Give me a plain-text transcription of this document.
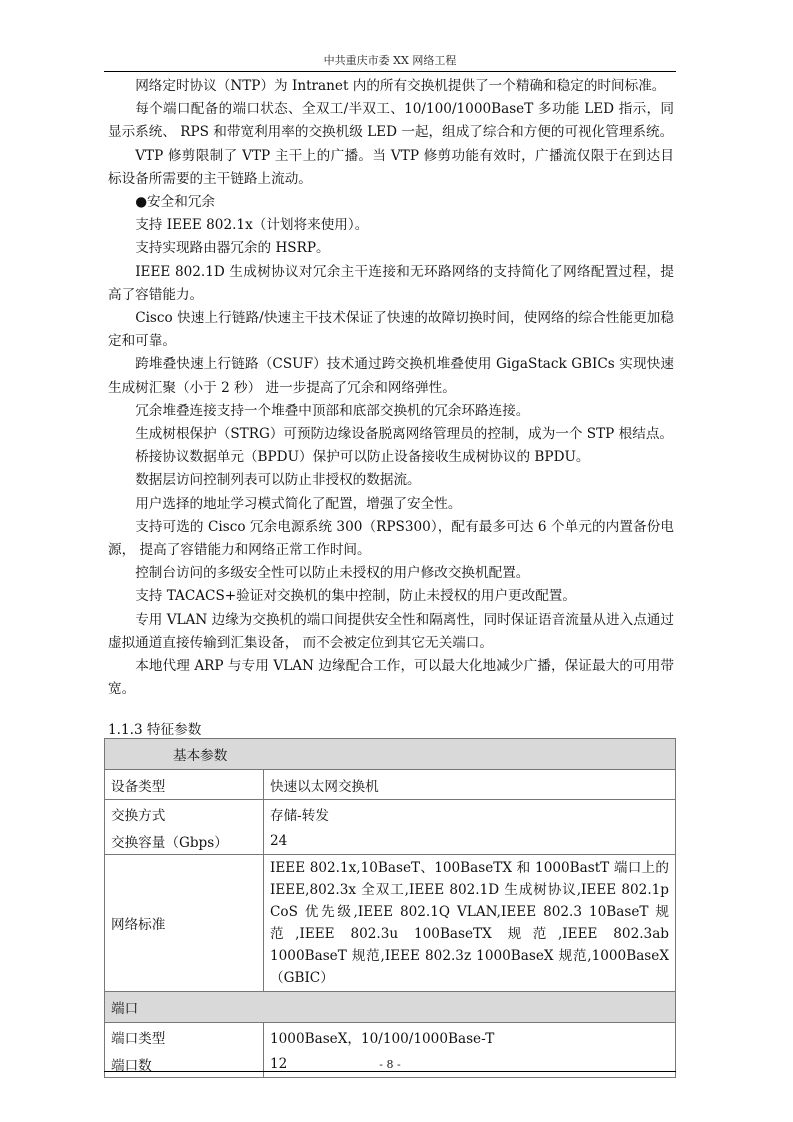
中共重庆市委 XX 网络工程

网络定时协议（NTP）为 Intranet 内的所有交换机提供了一个精确和稳定的时间标准。

每个端口配备的端口状态、全双工/半双工、10/100/1000BaseT 多功能 LED 指示，同显示系统、 RPS 和带宽利用率的交换机级 LED 一起，组成了综合和方便的可视化管理系统。

VTP 修剪限制了 VTP 主干上的广播。当 VTP 修剪功能有效时，广播流仅限于在到达目标设备所需要的主干链路上流动。

●安全和冗余

支持 IEEE 802.1x（计划将来使用）。

支持实现路由器冗余的 HSRP。

IEEE 802.1D 生成树协议对冗余主干连接和无环路网络的支持简化了网络配置过程，提高了容错能力。

Cisco 快速上行链路/快速主干技术保证了快速的故障切换时间，使网络的综合性能更加稳定和可靠。

跨堆叠快速上行链路（CSUF）技术通过跨交换机堆叠使用 GigaStack GBICs 实现快速生成树汇聚（小于 2 秒） 进一步提高了冗余和网络弹性。

冗余堆叠连接支持一个堆叠中顶部和底部交换机的冗余环路连接。

生成树根保护（STRG）可预防边缘设备脱离网络管理员的控制，成为一个 STP 根结点。

桥接协议数据单元（BPDU）保护可以防止设备接收生成树协议的 BPDU。

数据层访问控制列表可以防止非授权的数据流。

用户选择的地址学习模式简化了配置，增强了安全性。

支持可选的 Cisco 冗余电源系统 300（RPS300），配有最多可达 6 个单元的内置备份电源， 提高了容错能力和网络正常工作时间。

控制台访问的多级安全性可以防止未授权的用户修改交换机配置。

支持 TACACS+验证对交换机的集中控制，防止未授权的用户更改配置。

专用 VLAN 边缘为交换机的端口间提供安全性和隔离性，同时保证语音流量从进入点通过虚拟通道直接传输到汇集设备， 而不会被定位到其它无关端口。

本地代理 ARP 与专用 VLAN 边缘配合工作，可以最大化地减少广播，保证最大的可用带宽。

1.1.3 特征参数
基本参数	
设备类型	快速以太网交换机
交换方式	存储-转发
交换容量（Gbps）	24
网络标准	IEEE 802.1x,10BaseT、100BaseTX 和 1000BastT 端口上的 IEEE,802.3x 全双工,IEEE 802.1D 生成树协议,IEEE 802.1p CoS 优先级,IEEE 802.1Q VLAN,IEEE 802.3 10BaseT 规范,IEEE 802.3u 100BaseTX 规范,IEEE 802.3ab 1000BaseT 规范,IEEE 802.3z 1000BaseX 规范,1000BaseX（GBIC）
端口	
端口类型	1000BaseX，10/100/1000Base-T
端口数	12	- 8 -
